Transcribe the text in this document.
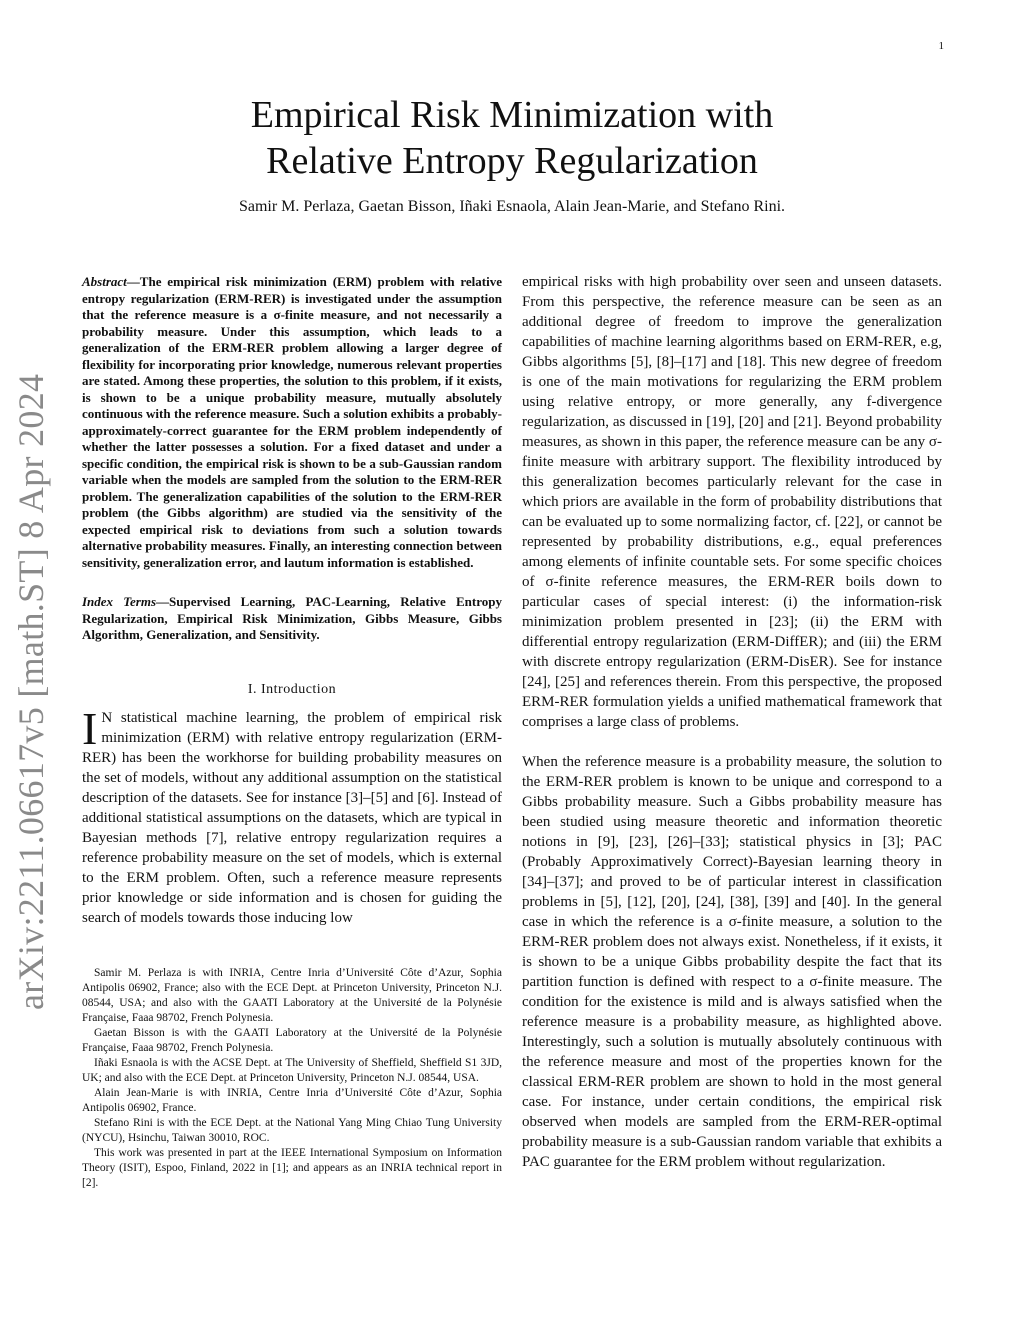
1
arXiv:2211.06617v5 [math.ST] 8 Apr 2024
Empirical Risk Minimization with
Relative Entropy Regularization

Samir M. Perlaza, Gaetan Bisson, Iñaki Esnaola, Alain Jean-Marie, and Stefano Rini.

Abstract—The empirical risk minimization (ERM) problem with relative entropy regularization (ERM-RER) is investigated under the assumption that the reference measure is a σ-finite measure, and not necessarily a probability measure. Under this assumption, which leads to a generalization of the ERM-RER problem allowing a larger degree of flexibility for incorporating prior knowledge, numerous relevant properties are stated. Among these properties, the solution to this problem, if it exists, is shown to be a unique probability measure, mutually absolutely continuous with the reference measure. Such a solution exhibits a probably-approximately-correct guarantee for the ERM problem independently of whether the latter possesses a solution. For a fixed dataset and under a specific condition, the empirical risk is shown to be a sub-Gaussian random variable when the models are sampled from the solution to the ERM-RER problem. The generalization capabilities of the solution to the ERM-RER problem (the Gibbs algorithm) are studied via the sensitivity of the expected empirical risk to deviations from such a solution towards alternative probability measures. Finally, an interesting connection between sensitivity, generalization error, and lautum information is established.

Index Terms—Supervised Learning, PAC-Learning, Relative Entropy Regularization, Empirical Risk Minimization, Gibbs Measure, Gibbs Algorithm, Generalization, and Sensitivity.

I. Introduction

I N statistical machine learning, the problem of empirical risk minimization (ERM) with relative entropy regularization (ERM-RER) has been the workhorse for building probability measures on the set of models, without any additional assumption on the statistical description of the datasets. See for instance [3]–[5] and [6]. Instead of additional statistical assumptions on the datasets, which are typical in Bayesian methods [7], relative entropy regularization requires a reference probability measure on the set of models, which is external to the ERM problem. Often, such a reference measure represents prior knowledge or side information and is chosen for guiding the search of models towards those inducing low

Samir M. Perlaza is with INRIA, Centre Inria d’Université Côte d’Azur, Sophia Antipolis 06902, France; also with the ECE Dept. at Princeton University, Princeton N.J. 08544, USA; and also with the GAATI Laboratory at the Université de la Polynésie Française, Faaa 98702, French Polynesia.

Gaetan Bisson is with the GAATI Laboratory at the Université de la Polynésie Française, Faaa 98702, French Polynesia.

Iñaki Esnaola is with the ACSE Dept. at The University of Sheffield, Sheffield S1 3JD, UK; and also with the ECE Dept. at Princeton University, Princeton N.J. 08544, USA.

Alain Jean-Marie is with INRIA, Centre Inria d’Université Côte d’Azur, Sophia Antipolis 06902, France.

Stefano Rini is with the ECE Dept. at the National Yang Ming Chiao Tung University (NYCU), Hsinchu, Taiwan 30010, ROC.

This work was presented in part at the IEEE International Symposium on Information Theory (ISIT), Espoo, Finland, 2022 in [1]; and appears as an INRIA technical report in [2].

empirical risks with high probability over seen and unseen datasets. From this perspective, the reference measure can be seen as an additional degree of freedom to improve the generalization capabilities of machine learning algorithms based on ERM-RER, e.g, Gibbs algorithms [5], [8]–[17] and [18]. This new degree of freedom is one of the main motivations for regularizing the ERM problem using relative entropy, or more generally, any f-divergence regularization, as discussed in [19], [20] and [21]. Beyond probability measures, as shown in this paper, the reference measure can be any σ-finite measure with arbitrary support. The flexibility introduced by this generalization becomes particularly relevant for the case in which priors are available in the form of probability distributions that can be evaluated up to some normalizing factor, cf. [22], or cannot be represented by probability distributions, e.g., equal preferences among elements of infinite countable sets. For some specific choices of σ-finite reference measures, the ERM-RER boils down to particular cases of special interest: (i) the information-risk minimization problem presented in [23]; (ii) the ERM with differential entropy regularization (ERM-DiffER); and (iii) the ERM with discrete entropy regularization (ERM-DisER). See for instance [24], [25] and references therein. From this perspective, the proposed ERM-RER formulation yields a unified mathematical framework that comprises a large class of problems.

When the reference measure is a probability measure, the solution to the ERM-RER problem is known to be unique and correspond to a Gibbs probability measure. Such a Gibbs probability measure has been studied using measure theoretic and information theoretic notions in [9], [23], [26]–[33]; statistical physics in [3]; PAC (Probably Approximatively Correct)-Bayesian learning theory in [34]–[37]; and proved to be of particular interest in classification problems in [5], [12], [20], [24], [38], [39] and [40]. In the general case in which the reference is a σ-finite measure, a solution to the ERM-RER problem does not always exist. Nonetheless, if it exists, it is shown to be a unique Gibbs probability despite the fact that its partition function is defined with respect to a σ-finite measure. The condition for the existence is mild and is always satisfied when the reference measure is a probability measure, as highlighted above. Interestingly, such a solution is mutually absolutely continuous with the reference measure and most of the properties known for the classical ERM-RER problem are shown to hold in the most general case. For instance, under certain conditions, the empirical risk observed when models are sampled from the ERM-RER-optimal probability measure is a sub-Gaussian random variable that exhibits a PAC guarantee for the ERM problem without regularization.
